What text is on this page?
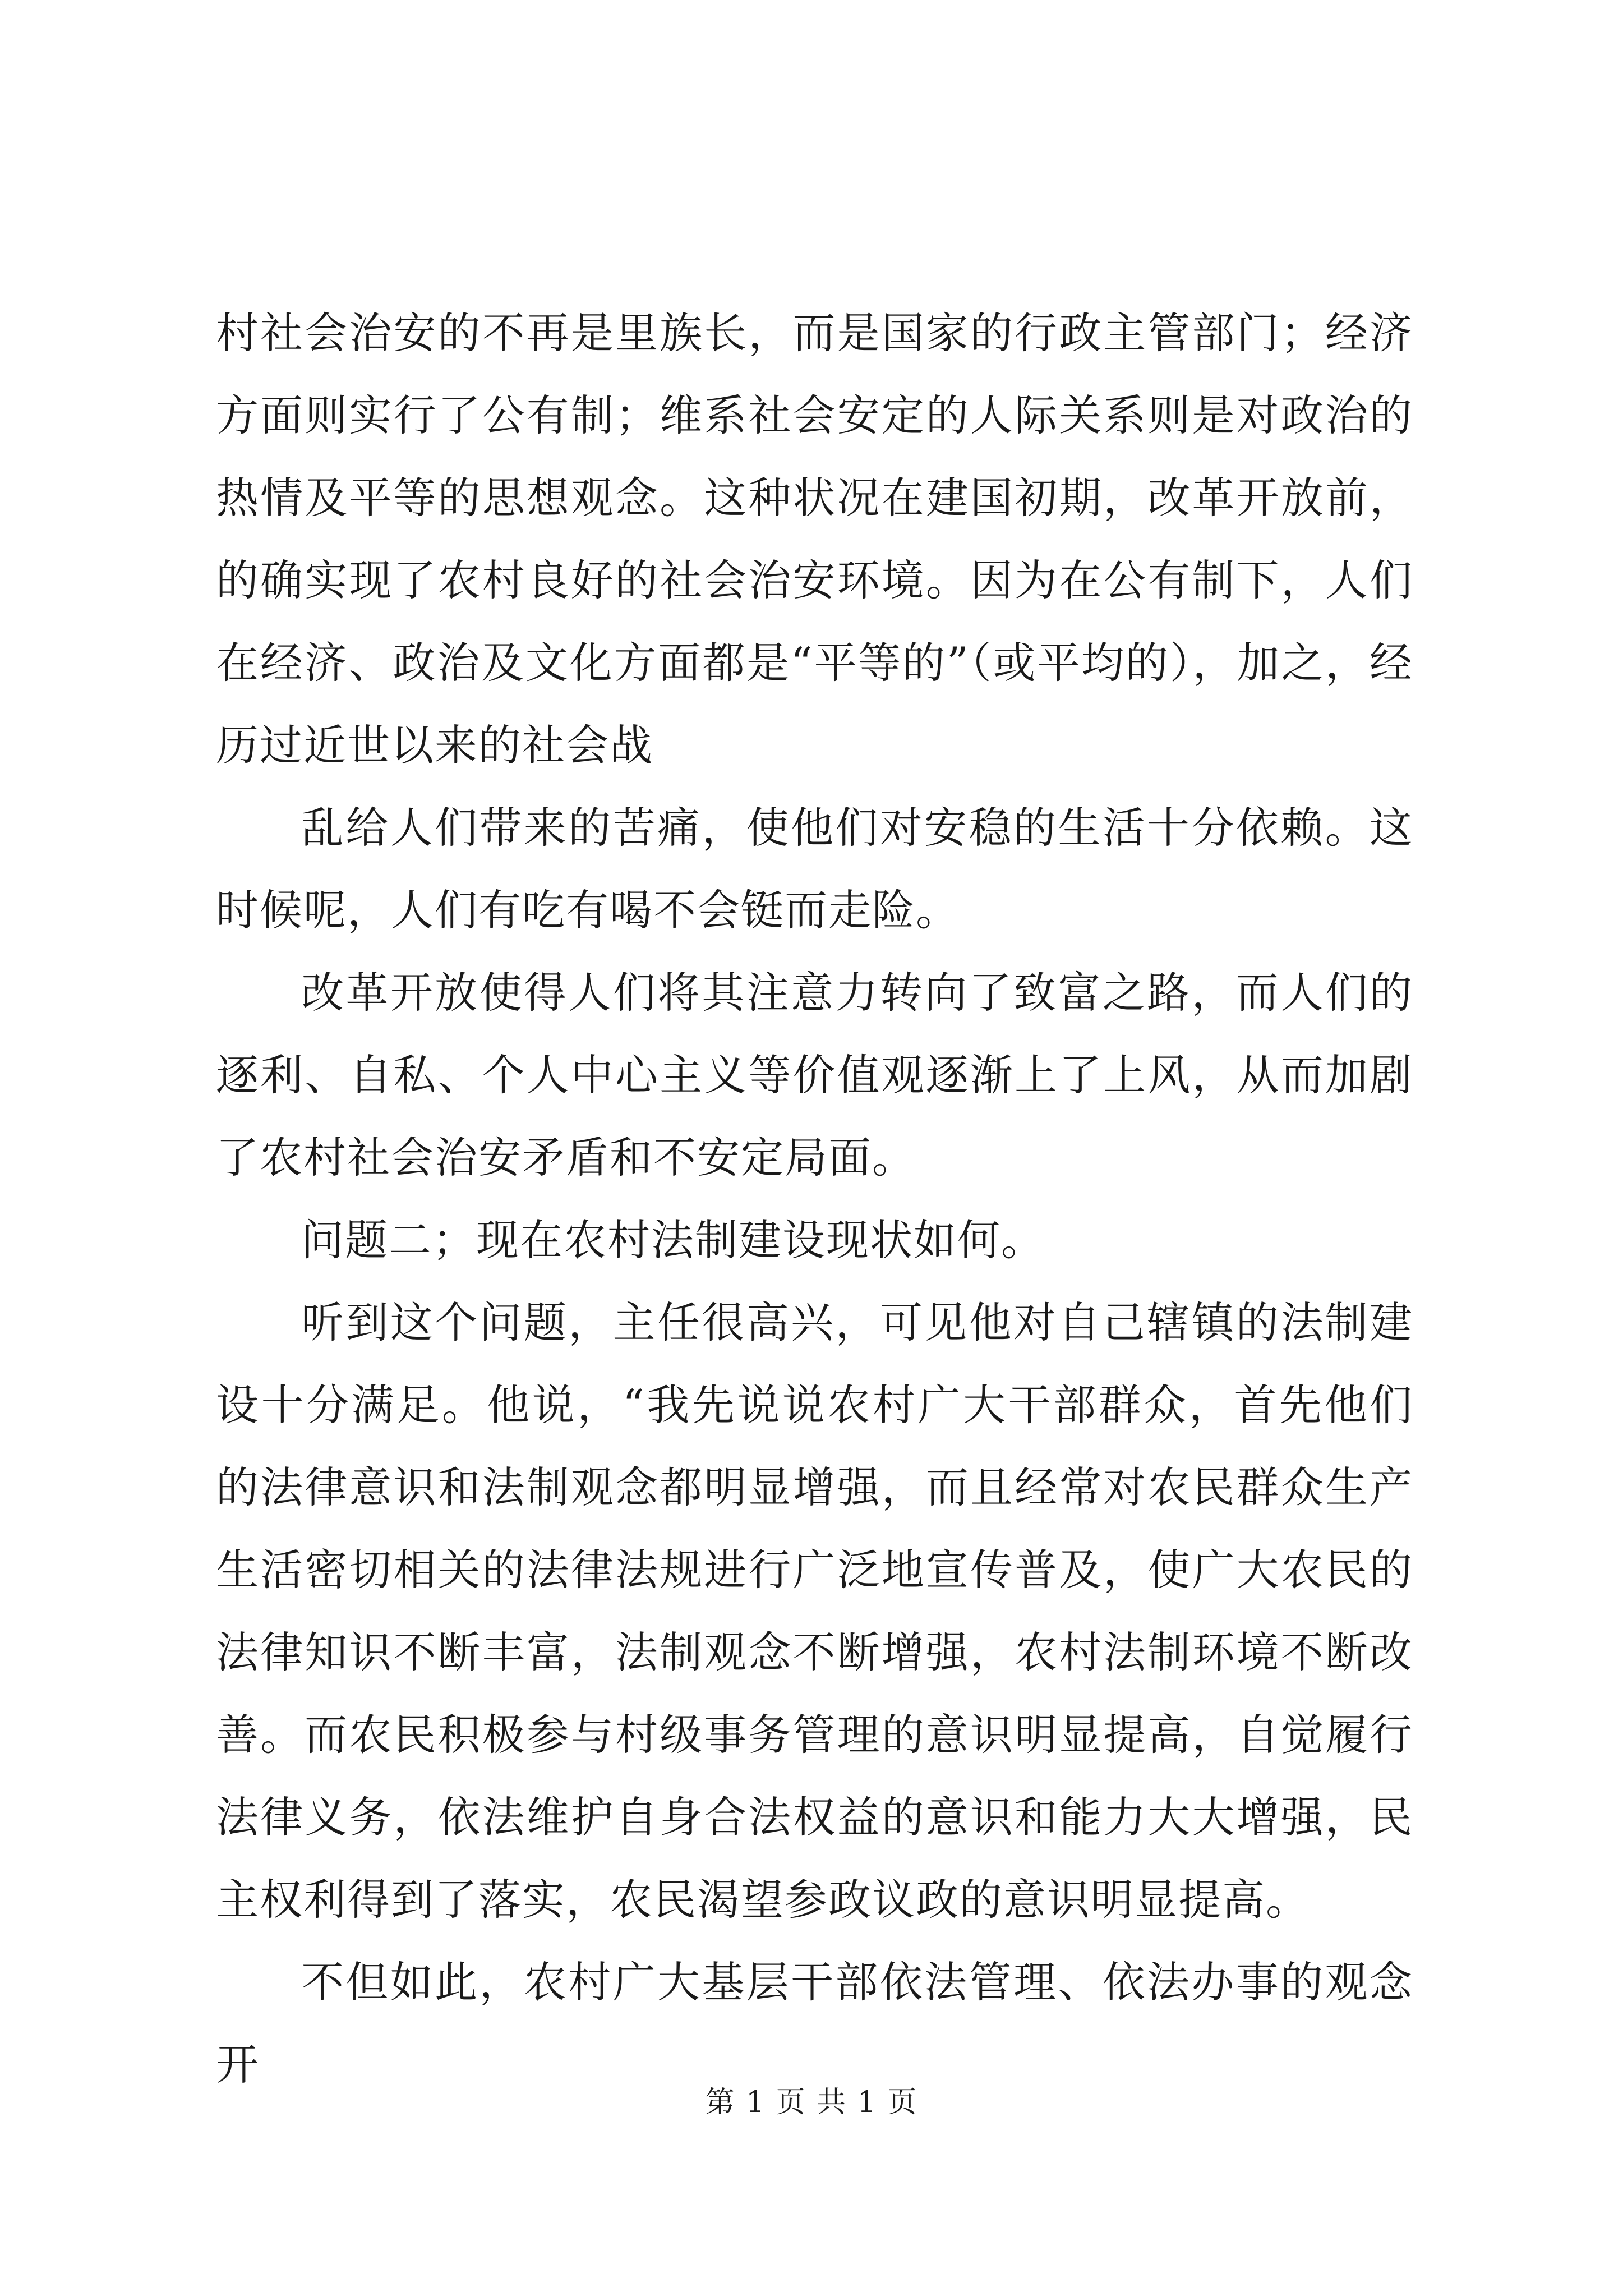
村社会治安的不再是里族长，而是国家的行政主管部门；经济方面则实行了公有制；维系社会安定的人际关系则是对政治的热情及平等的思想观念。这种状况在建国初期，改革开放前，的确实现了农村良好的社会治安环境。因为在公有制下，人们在经济、政治及文化方面都是“平等的”（或平均的），加之，经历过近世以来的社会战

乱给人们带来的苦痛，使他们对安稳的生活十分依赖。这时候呢，人们有吃有喝不会铤而走险。

改革开放使得人们将其注意力转向了致富之路，而人们的逐利、自私、个人中心主义等价值观逐渐上了上风，从而加剧了农村社会治安矛盾和不安定局面。

问题二；现在农村法制建设现状如何。

听到这个问题，主任很高兴，可见他对自己辖镇的法制建设十分满足。他说，“我先说说农村广大干部群众，首先他们的法律意识和法制观念都明显增强，而且经常对农民群众生产生活密切相关的法律法规进行广泛地宣传普及，使广大农民的法律知识不断丰富，法制观念不断增强，农村法制环境不断改善。而农民积极参与村级事务管理的意识明显提高，自觉履行法律义务，依法维护自身合法权益的意识和能力大大增强，民主权利得到了落实，农民渴望参政议政的意识明显提高。

不但如此，农村广大基层干部依法管理、依法办事的观念开

第 1 页 共 1 页
